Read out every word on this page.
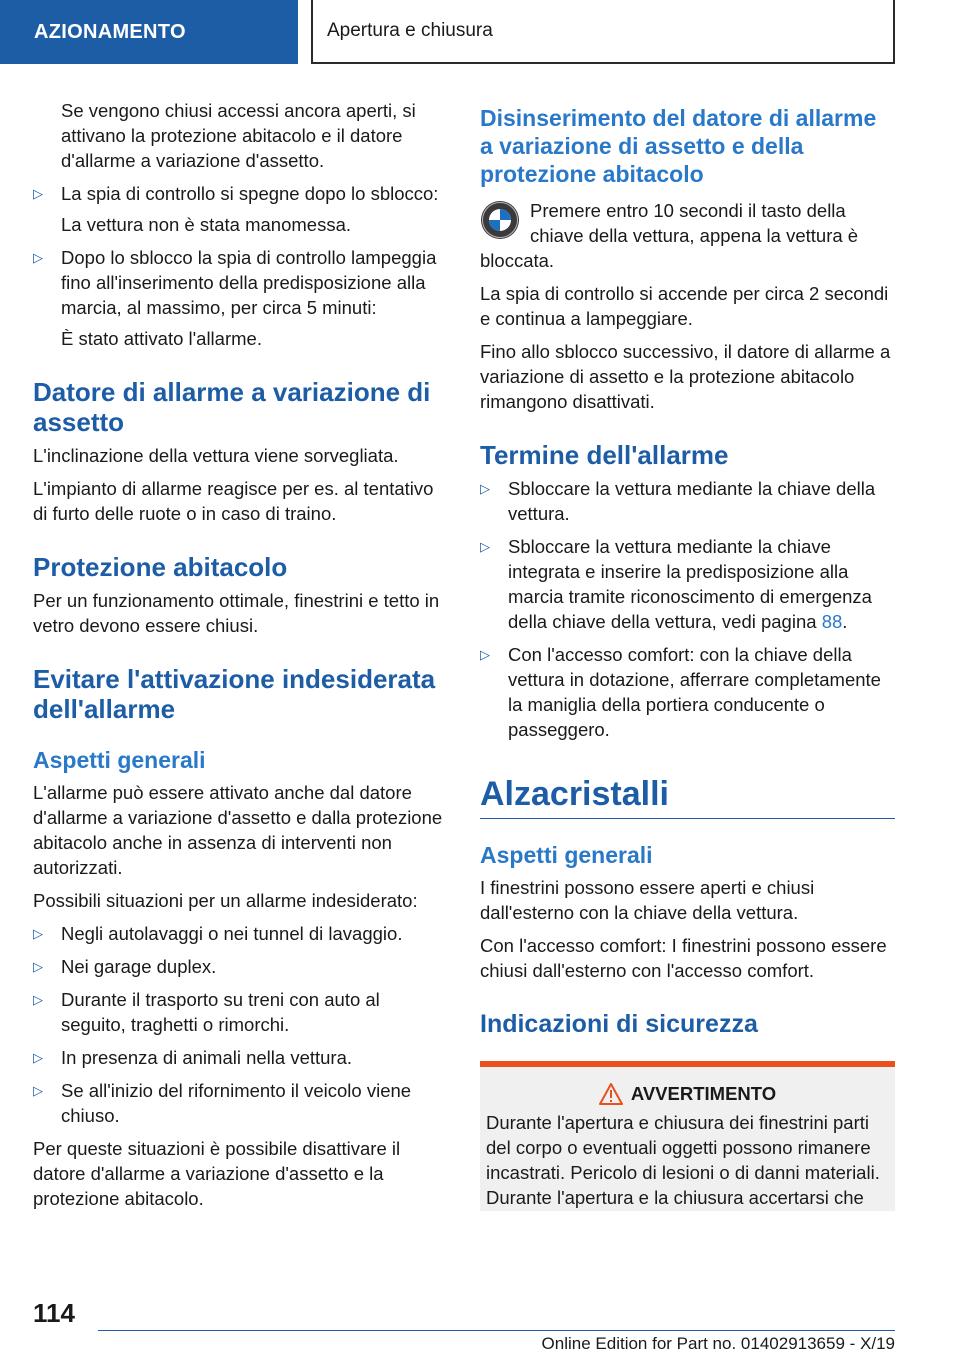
AZIONAMENTO	Apertura e chiusura

Se vengono chiusi accessi ancora aperti, si attivano la protezione abitacolo e il datore d'allarme a variazione d'assetto.

▷ La spia di controllo si spegne dopo lo sblocco:

La vettura non è stata manomessa.

▷ Dopo lo sblocco la spia di controllo lampeggia fino all'inserimento della predisposizione alla marcia, al massimo, per circa 5 minuti:

È stato attivato l'allarme.

Datore di allarme a variazione di assetto

L'inclinazione della vettura viene sorvegliata.

L'impianto di allarme reagisce per es. al tentativo di furto delle ruote o in caso di traino.

Protezione abitacolo

Per un funzionamento ottimale, finestrini e tetto in vetro devono essere chiusi.

Evitare l'attivazione indesiderata dell'allarme
Aspetti generali

L'allarme può essere attivato anche dal datore d'allarme a variazione d'assetto e dalla protezione abitacolo anche in assenza di interventi non autorizzati.

Possibili situazioni per un allarme indesiderato:

▷ Negli autolavaggi o nei tunnel di lavaggio.
▷ Nei garage duplex.
▷ Durante il trasporto su treni con auto al seguito, traghetti o rimorchi.
▷ In presenza di animali nella vettura.
▷ Se all'inizio del rifornimento il veicolo viene chiuso.

Per queste situazioni è possibile disattivare il datore d'allarme a variazione d'assetto e la protezione abitacolo.

Disinserimento del datore di allarme a variazione di assetto e della protezione abitacolo

Premere entro 10 secondi il tasto della chiave della vettura, appena la vettura è bloccata.

La spia di controllo si accende per circa 2 secondi e continua a lampeggiare.

Fino allo sblocco successivo, il datore di allarme a variazione di assetto e la protezione abitacolo rimangono disattivati.

Termine dell'allarme
▷ Sbloccare la vettura mediante la chiave della vettura.
▷ Sbloccare la vettura mediante la chiave integrata e inserire la predisposizione alla marcia tramite riconoscimento di emergenza della chiave della vettura, vedi pagina 88.
▷ Con l'accesso comfort: con la chiave della vettura in dotazione, afferrare completamente la maniglia della portiera conducente o passeggero.
Alzacristalli
Aspetti generali

I finestrini possono essere aperti e chiusi dall'esterno con la chiave della vettura.

Con l'accesso comfort: I finestrini possono essere chiusi dall'esterno con l'accesso comfort.

Indicazioni di sicurezza
AVVERTIMENTO
Durante l'apertura e chiusura dei finestrini parti del corpo o eventuali oggetti possono rimanere incastrati. Pericolo di lesioni o di danni materiali. Durante l'apertura e la chiusura accertarsi che
114
Online Edition for Part no. 01402913659 - X/19
